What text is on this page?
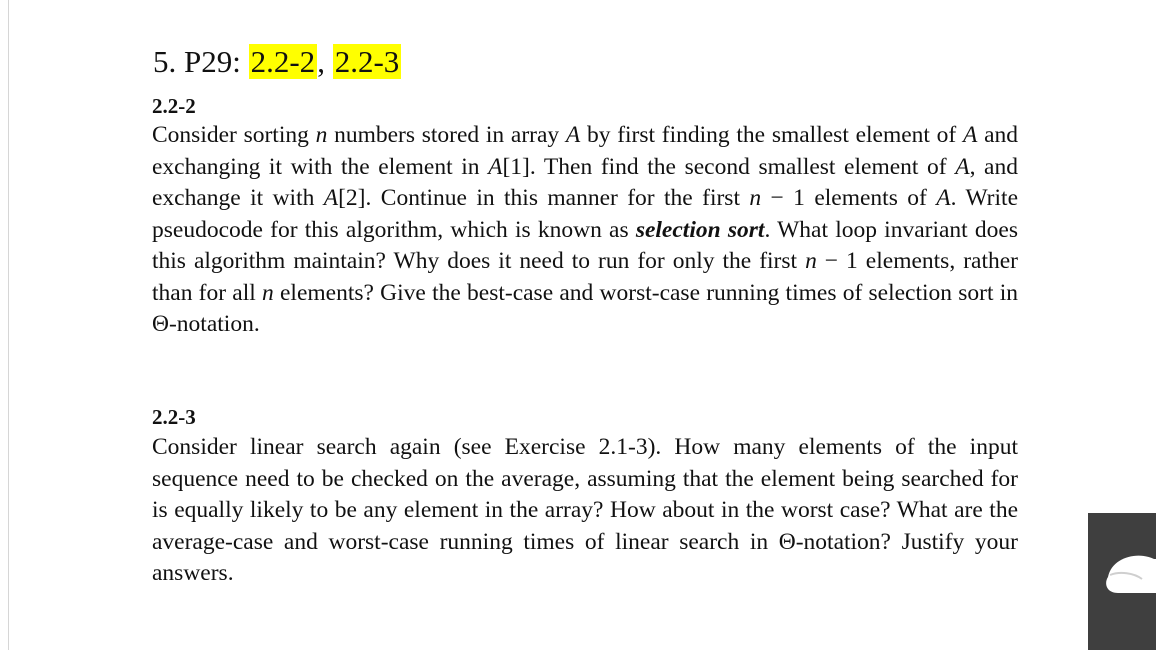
5. P29: 2.2-2, 2.2-3
2.2-2
Consider sorting n numbers stored in array A by first finding the smallest element of A and exchanging it with the element in A[1]. Then find the second smallest element of A, and exchange it with A[2]. Continue in this manner for the first n − 1 elements of A. Write pseudocode for this algorithm, which is known as selection sort. What loop invariant does this algorithm maintain? Why does it need to run for only the first n − 1 elements, rather than for all n elements? Give the best-case and worst-case running times of selection sort in Θ-notation.
2.2-3
Consider linear search again (see Exercise 2.1-3). How many elements of the input sequence need to be checked on the average, assuming that the element being searched for is equally likely to be any element in the array? How about in the worst case? What are the average-case and worst-case running times of linear search in Θ-notation? Justify your answers.
